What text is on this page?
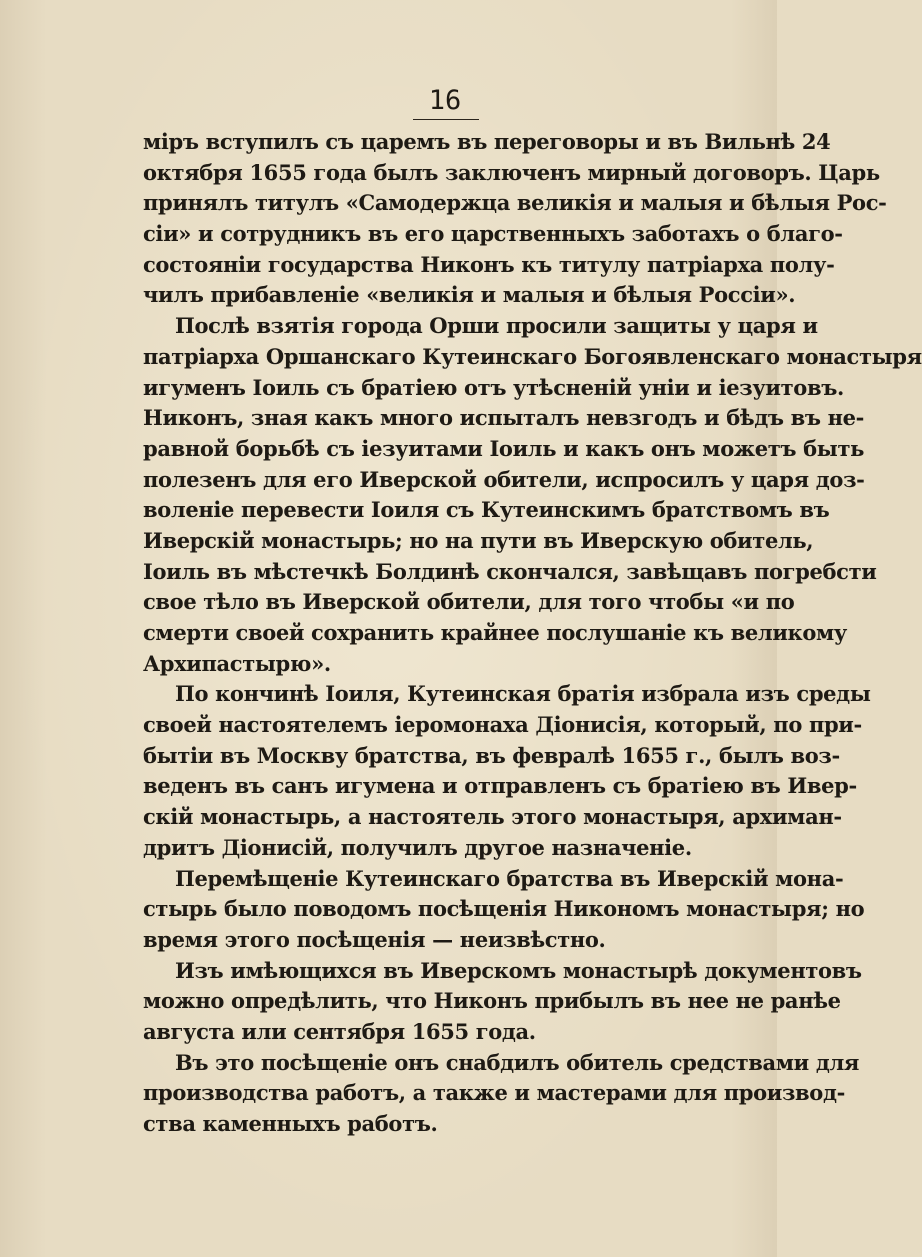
16
міръ вступилъ съ царемъ въ переговоры и въ Вильнѣ 24
октября 1655 года былъ заключенъ мирный договоръ. Царь
принялъ титулъ «Самодержца великія и малыя и бѣлыя Рос-
сіи» и сотрудникъ въ его царственныхъ заботахъ о благо-
состояніи государства Никонъ къ титулу патріарха полу-
чилъ прибавленіе «великія и малыя и бѣлыя Россіи».
Послѣ взятія города Орши просили защиты у царя и
патріарха Оршанскаго Кутеинскаго Богоявленскаго монастыря
игуменъ Іоиль съ братіею отъ утѣсненій уніи и іезуитовъ.
Никонъ, зная какъ много испыталъ невзгодъ и бѣдъ въ не-
равной борьбѣ съ іезуитами Іоиль и какъ онъ можетъ быть
полезенъ для его Иверской обители, испросилъ у царя доз-
воленіе перевести Іоиля съ Кутеинскимъ братствомъ въ
Иверскій монастырь; но на пути въ Иверскую обитель,
Іоиль въ мѣстечкѣ Болдинѣ скончался, завѣщавъ погребсти
свое тѣло въ Иверской обители, для того чтобы «и по
смерти своей сохранить крайнее послушаніе къ великому
Архипастырю».
По кончинѣ Іоиля, Кутеинская братія избрала изъ среды
своей настоятелемъ іеромонаха Діонисія, который, по при-
бытіи въ Москву братства, въ февралѣ 1655 г., былъ воз-
веденъ въ санъ игумена и отправленъ съ братіею въ Ивер-
скій монастырь, а настоятель этого монастыря, архиман-
дритъ Діонисій, получилъ другое назначеніе.
Перемѣщеніе Кутеинскаго братства въ Иверскій мона-
стырь было поводомъ посѣщенія Никономъ монастыря; но
время этого посѣщенія — неизвѣстно.
Изъ имѣющихся въ Иверскомъ монастырѣ документовъ
можно опредѣлить, что Никонъ прибылъ въ нее не ранѣе
августа или сентября 1655 года.
Въ это посѣщеніе онъ снабдилъ обитель средствами для
производства работъ, а также и мастерами для производ-
ства каменныхъ работъ.
